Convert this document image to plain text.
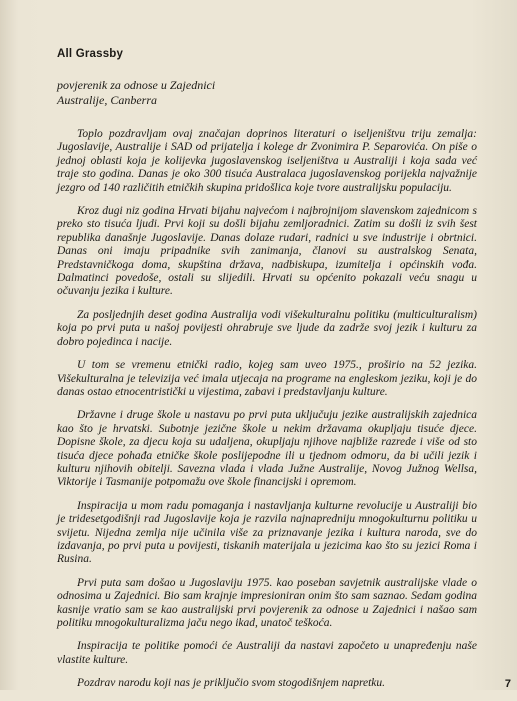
All Grassby
povjerenik za odnose u Zajednici
Australije, Canberra

Toplo pozdravljam ovaj značajan doprinos literaturi o iseljeništvu triju zemalja: Jugoslavije, Australije i SAD od prijatelja i kolege dr Zvonimira P. Separovića. On piše o jednoj oblasti koja je kolijevka jugoslavenskog iseljeništva u Australiji i koja sada već traje sto godina. Danas je oko 300 tisuća Australaca jugoslavenskog porijekla najvažnije jezgro od 140 različitih etničkih skupina pridošlica koje tvore australijsku populaciju.

Kroz dugi niz godina Hrvati bijahu najvećom i najbrojnijom slavenskom zajednicom s preko sto tisuća ljudi. Prvi koji su došli bijahu zemljoradnici. Zatim su došli iz svih šest republika današnje Jugoslavije. Danas dolaze rudari, radnici u sve industrije i obrtnici. Danas oni imaju pripadnike svih zanimanja, članovi su australskog Senata, Predstavničkoga doma, skupština država, nadbiskupa, izumitelja i općinskih vođa. Dalmatinci povedoše, ostali su slijedili. Hrvati su općenito pokazali veću snagu u očuvanju jezika i kulture.

Za posljednjih deset godina Australija vodi višekulturalnu politiku (multiculturalism) koja po prvi puta u našoj povijesti ohrabruje sve ljude da zadrže svoj jezik i kulturu za dobro pojedinca i nacije.

U tom se vremenu etnički radio, kojeg sam uveo 1975., proširio na 52 jezika. Višekulturalna je televizija već imala utjecaja na programe na engleskom jeziku, koji je do danas ostao etnocentristički u vijestima, zabavi i predstavljanju kulture.

Državne i druge škole u nastavu po prvi puta uključuju jezike australijskih zajednica kao što je hrvatski. Subotnje jezične škole u nekim državama okupljaju tisuće djece. Dopisne škole, za djecu koja su udaljena, okupljaju njihove najbliže razrede i više od sto tisuća djece pohađa etničke škole poslijepodne ili u tjednom odmoru, da bi učili jezik i kulturu njihovih obitelji. Savezna vlada i vlada Južne Australije, Novog Južnog Wellsa, Viktorije i Tasmanije potpomažu ove škole financijski i opremom.

Inspiracija u mom radu pomaganja i nastavljanja kulturne revolucije u Australiji bio je tridesetgodišnji rad Jugoslavije koja je razvila najnapredniju mnogokulturnu politiku u svijetu. Nijedna zemlja nije učinila više za priznavanje jezika i kultura naroda, sve do izdavanja, po prvi puta u povijesti, tiskanih materijala u jezicima kao što su jezici Roma i Rusina.

Prvi puta sam došao u Jugoslaviju 1975. kao poseban savjetnik australijske vlade o odnosima u Zajednici. Bio sam krajnje impresioniran onim što sam saznao. Sedam godina kasnije vratio sam se kao australijski prvi povjerenik za odnose u Zajednici i našao sam politiku mnogokulturalizma jaču nego ikad, unatoč teškoća.

Inspiracija te politike pomoći će Australiji da nastavi započeto u unapređenju naše vlastite kulture.

Pozdrav narodu koji nas je priključio svom stogodišnjem napretku.	7
